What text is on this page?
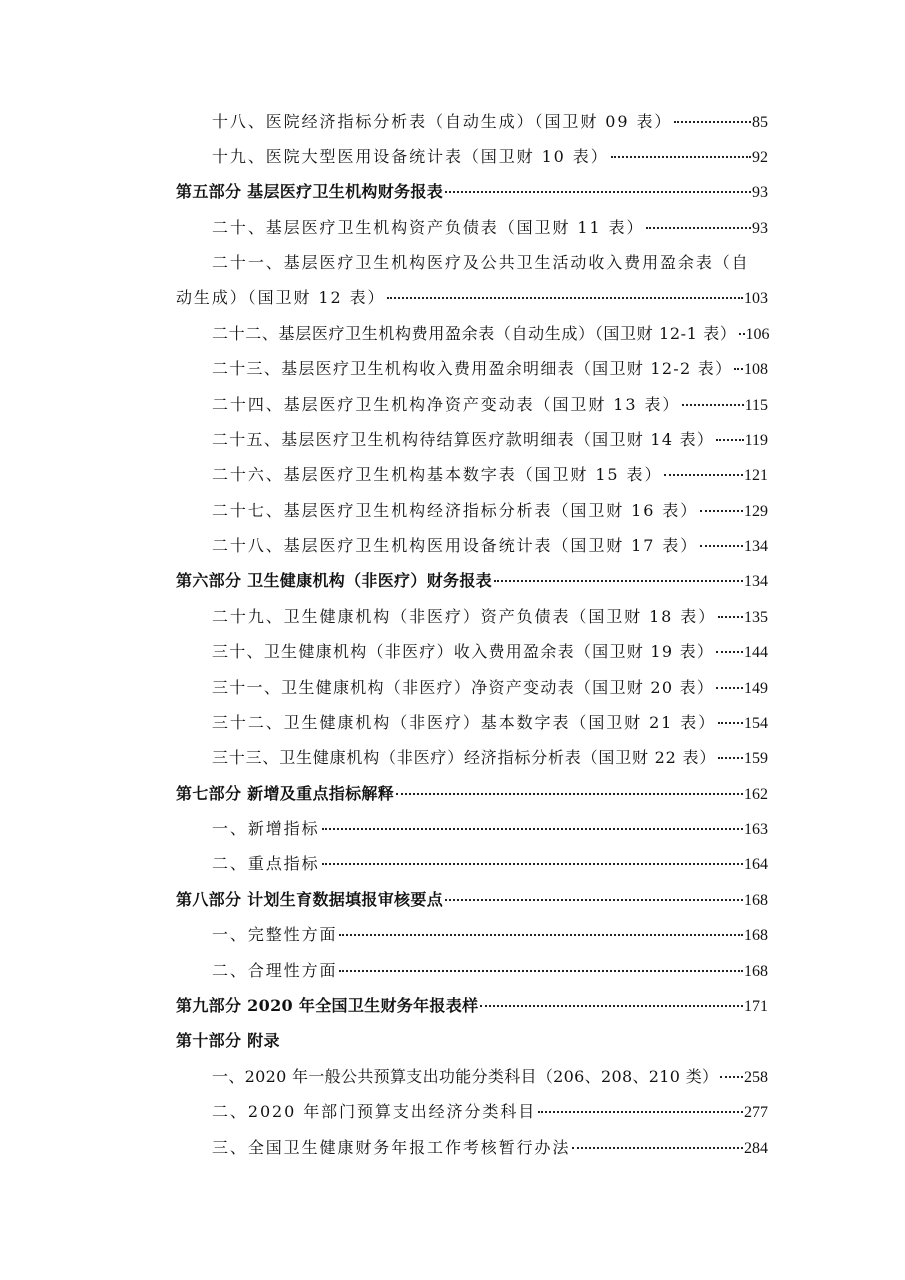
十八、医院经济指标分析表（自动生成）（国卫财 09 表）	85
十九、医院大型医用设备统计表（国卫财 10 表）	92
第五部分 基层医疗卫生机构财务报表	93
二十、基层医疗卫生机构资产负债表（国卫财 11 表）	93
二十一、基层医疗卫生机构医疗及公共卫生活动收入费用盈余表（自
动生成）（国卫财 12 表）	103
二十二、基层医疗卫生机构费用盈余表（自动生成）（国卫财 12-1 表） 106
二十三、基层医疗卫生机构收入费用盈余明细表（国卫财 12-2 表） 108
二十四、基层医疗卫生机构净资产变动表（国卫财 13 表）	115
二十五、基层医疗卫生机构待结算医疗款明细表（国卫财 14 表） 119
二十六、基层医疗卫生机构基本数字表（国卫财 15 表）	121
二十七、基层医疗卫生机构经济指标分析表（国卫财 16 表）	129
二十八、基层医疗卫生机构医用设备统计表（国卫财 17 表）	134
第六部分 卫生健康机构（非医疗）财务报表	134
二十九、卫生健康机构（非医疗）资产负债表（国卫财 18 表） 135
三十、卫生健康机构（非医疗）收入费用盈余表（国卫财 19 表） 144
三十一、卫生健康机构（非医疗）净资产变动表（国卫财 20 表） 149
三十二、卫生健康机构（非医疗）基本数字表（国卫财 21 表） 154
三十三、卫生健康机构（非医疗）经济指标分析表（国卫财 22 表） 159
第七部分 新增及重点指标解释	162
一、新增指标	163
二、重点指标	164
第八部分 计划生育数据填报审核要点	168
一、完整性方面	168
二、合理性方面	168
第九部分 2020 年全国卫生财务年报表样	171
第十部分 附录
一、2020 年一般公共预算支出功能分类科目（206、208、210 类） 258
二、2020 年部门预算支出经济分类科目	277
三、全国卫生健康财务年报工作考核暂行办法	284
